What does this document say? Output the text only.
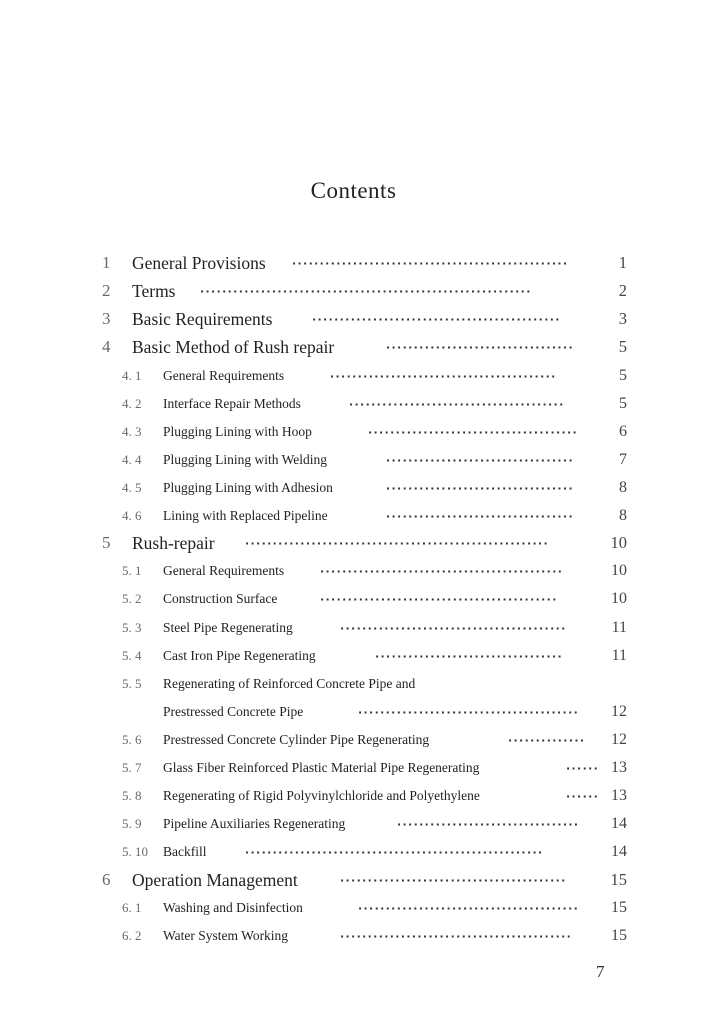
Contents
1 General Provisions ··················································	1
2 Terms ····························································	2
3 Basic Requirements	·············································	3
4 Basic Method of Rush repair	··································	5
4. 1 General Requirements	·········································	5
4. 2 Interface Repair Methods	·······································	5
4. 3 Plugging Lining with Hoop	······································	6
4. 4 Plugging Lining with Welding	··································	7
4. 5 Plugging Lining with Adhesion	··································	8
4. 6 Lining with Replaced Pipeline	··································	8
5 Rush-repair	·······················································	10
5. 1 General Requirements	············································	10
5. 2 Construction Surface	···········································	10
5. 3 Steel Pipe Regenerating	·········································	11
5. 4 Cast Iron Pipe Regenerating	··································	11
5. 5 Regenerating of Reinforced Concrete Pipe and
Prestressed Concrete Pipe	········································	12
5. 6 Prestressed Concrete Cylinder Pipe Regenerating	··············	12
5. 7 Glass Fiber Reinforced Plastic Material Pipe Regenerating	······ 13
5. 8 Regenerating of Rigid Polyvinylchloride and Polyethylene	······ 13
5. 9 Pipeline Auxiliaries Regenerating	·································	14
5. 10 Backfill	······················································	14
6 Operation Management	·········································	15
6. 1 Washing and Disinfection	········································	15
6. 2 Water System Working	··········································	15
7
